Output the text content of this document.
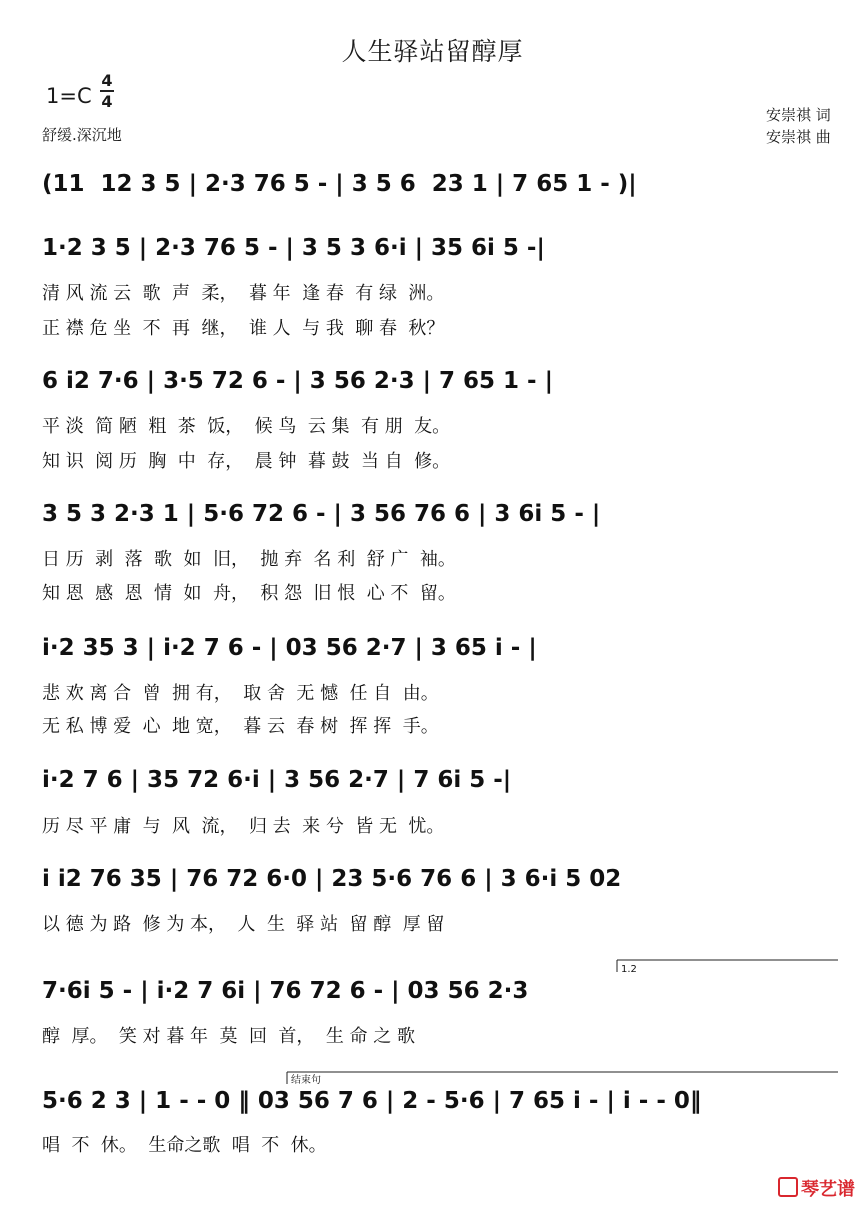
人生驿站留醇厚
1=C
4
4
舒缓.深沉地
安崇祺 词
安崇祺 曲
(11  12 3 5 | 2·3 76 5 - | 3 5 6  23 1 | 7 65 1 - )|
1·2 3 5 | 2·3 76 5 - | 3 5 3 6·i | 35 6i 5 -|
清 风 流 云  歌  声  柔，  暮 年  逢 春  有 绿  洲。
正 襟 危 坐  不  再  继，  谁 人  与 我  聊 春  秋？
6 i2 7·6 | 3·5 72 6 - | 3 56 2·3 | 7 65 1 - |
平 淡  简 陋  粗  茶  饭，  候 鸟  云 集  有 朋  友。
知 识  阅 历  胸  中  存，  晨 钟  暮 鼓  当 自  修。
3 5 3 2·3 1 | 5·6 72 6 - | 3 56 76 6 | 3 6i 5 - |
日 历  剥  落  歌  如  旧，  抛 弃  名 利  舒 广  袖。
知 恩  感  恩  情  如  舟，  积 怨  旧 恨  心 不  留。
i·2 35 3 | i·2 7 6 - | 03 56 2·7 | 3 65 i - |
悲 欢 离 合  曾  拥 有，  取 舍  无 憾  任 自  由。
无 私 博 爱  心  地 宽，  暮 云  春 树  挥 挥  手。
i·2 7 6 | 35 72 6·i | 3 56 2·7 | 7 6i 5 -|
历 尽 平 庸  与  风  流，  归 去  来 兮  皆 无  忧。
i i2 76 35 | 76 72 6·0 | 23 5·6 76 6 | 3 6·i 5 02
以 德 为 路  修 为 本，  人  生  驿 站  留 醇  厚 留
1.2
7·6i 5 - | i·2 7 6i | 76 72 6 - | 03 56 2·3
醇  厚。  笑 对 暮 年  莫  回  首，  生 命 之 歌
结束句
5·6 2 3 | 1 - - 0 ‖ 03 56 7 6 | 2 - 5·6 | 7 65 i - | i - - 0‖
唱  不  休。  生命之歌  唱  不  休。
琴艺谱
